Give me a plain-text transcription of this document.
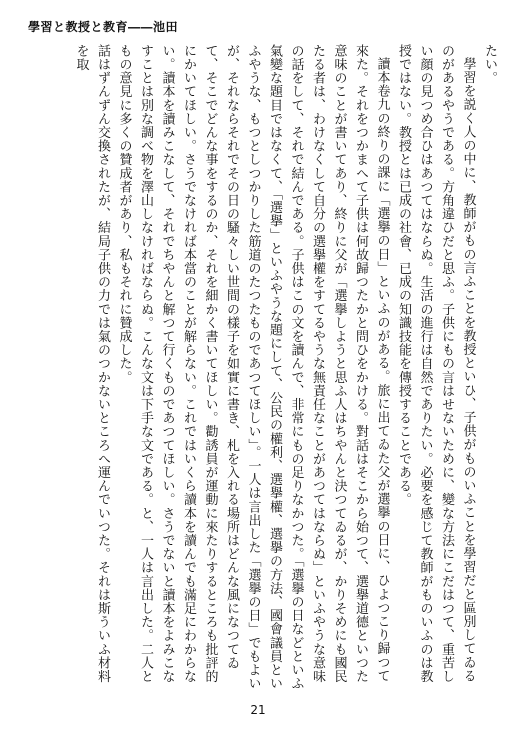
學習と教授と教育――池田

たい。

學習を説く人の中に、教師がもの言ふことを教授といひ、子供がものいふことを學習だと區別してゐるのがあるやうである。方角違ひだと思ふ。子供にもの言はせないために、變な方法にこだはつて、重苦しい顔の見つめ合ひはあつてはならぬ。生活の進行は自然でありたい。必要を感じて教師がものいふのは教授ではない。教授とは已成の社會、已成の知識技能を傳授することである。

讀本卷九の終りの課に「選擧の日」といふのがある。旅に出てゐた父が選擧の日に、ひよつこり歸つて來た。それをつかまへて子供は何故歸つたかと問ひをかける。對話はそこから始つて、選擧道德といつた意味のことが書いてあり、終りに父が「選擧しようと思ふ人はちやんと決つてゐるが、かりそめにも國民たる者は、わけなくして自分の選擧權をすてるやうな無責任なことがあつてはならぬ」といふやうな意味の話をして、それで結んである。子供はこの文を讀んで、非常にもの足りなかつた。「選擧の日などといふ氣變な題目ではなくて、「選擧」といふやうな題にして、公民の權利、選擧權、選擧の方法、國會議員といふやうな、もつとしつかりした筋道のたつたものであつてほしい」。一人は言出した「選擧の日」でもよいが、それならそれでその日の騷々しい世間の樣子を如實に書き、札を入れる場所はどんな風になつてゐて、そこでどんな事をするのか、それを細かく書いてほしい。勸誘員が運動に來たりするところも批評的にかいてほしい。さうでなければ本當のことが解らない。これではいくら讀本を讀んでも滿足にわからない。讀本を讀みこなして、それでちやんと解つて行くものであつてほしい。さうでないと讀本をよみこなすことは別な調べ物を澤山しなければならぬ。こんな文は下手な文である。と、一人は言出した。二人ともの意見に多くの贊成者があり、私もそれに贊成した。

話はずんずん交換されたが、結局子供の力では氣のつかないところへ運んでいつた。それは斯ういふ材料を取

21
